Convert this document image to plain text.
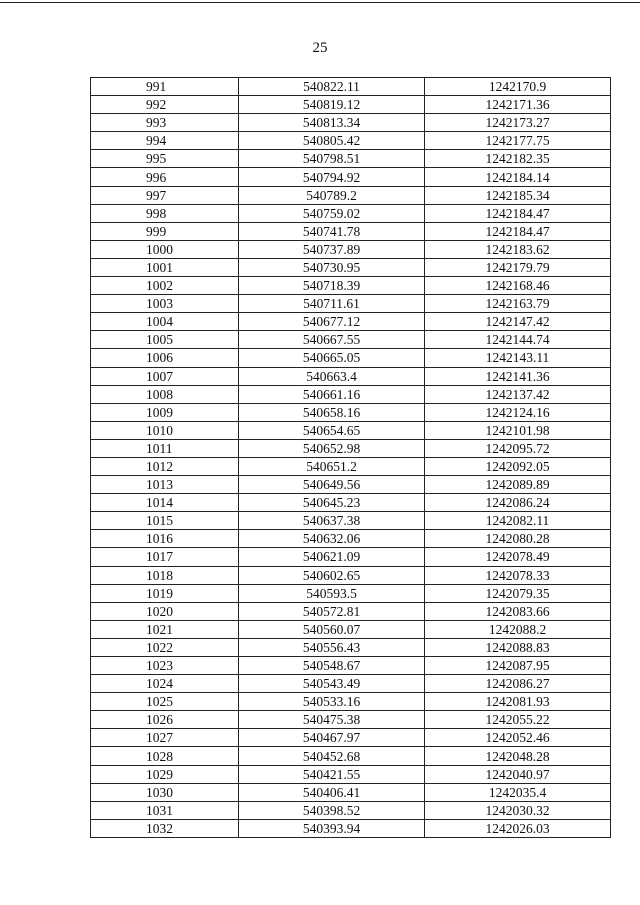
25
991	540822.11	1242170.9
992	540819.12	1242171.36
993	540813.34	1242173.27
994	540805.42	1242177.75
995	540798.51	1242182.35
996	540794.92	1242184.14
997	540789.2	1242185.34
998	540759.02	1242184.47
999	540741.78	1242184.47
1000	540737.89	1242183.62
1001	540730.95	1242179.79
1002	540718.39	1242168.46
1003	540711.61	1242163.79
1004	540677.12	1242147.42
1005	540667.55	1242144.74
1006	540665.05	1242143.11
1007	540663.4	1242141.36
1008	540661.16	1242137.42
1009	540658.16	1242124.16
1010	540654.65	1242101.98
1011	540652.98	1242095.72
1012	540651.2	1242092.05
1013	540649.56	1242089.89
1014	540645.23	1242086.24
1015	540637.38	1242082.11
1016	540632.06	1242080.28
1017	540621.09	1242078.49
1018	540602.65	1242078.33
1019	540593.5	1242079.35
1020	540572.81	1242083.66
1021	540560.07	1242088.2
1022	540556.43	1242088.83
1023	540548.67	1242087.95
1024	540543.49	1242086.27
1025	540533.16	1242081.93
1026	540475.38	1242055.22
1027	540467.97	1242052.46
1028	540452.68	1242048.28
1029	540421.55	1242040.97
1030	540406.41	1242035.4
1031	540398.52	1242030.32
1032	540393.94	1242026.03
